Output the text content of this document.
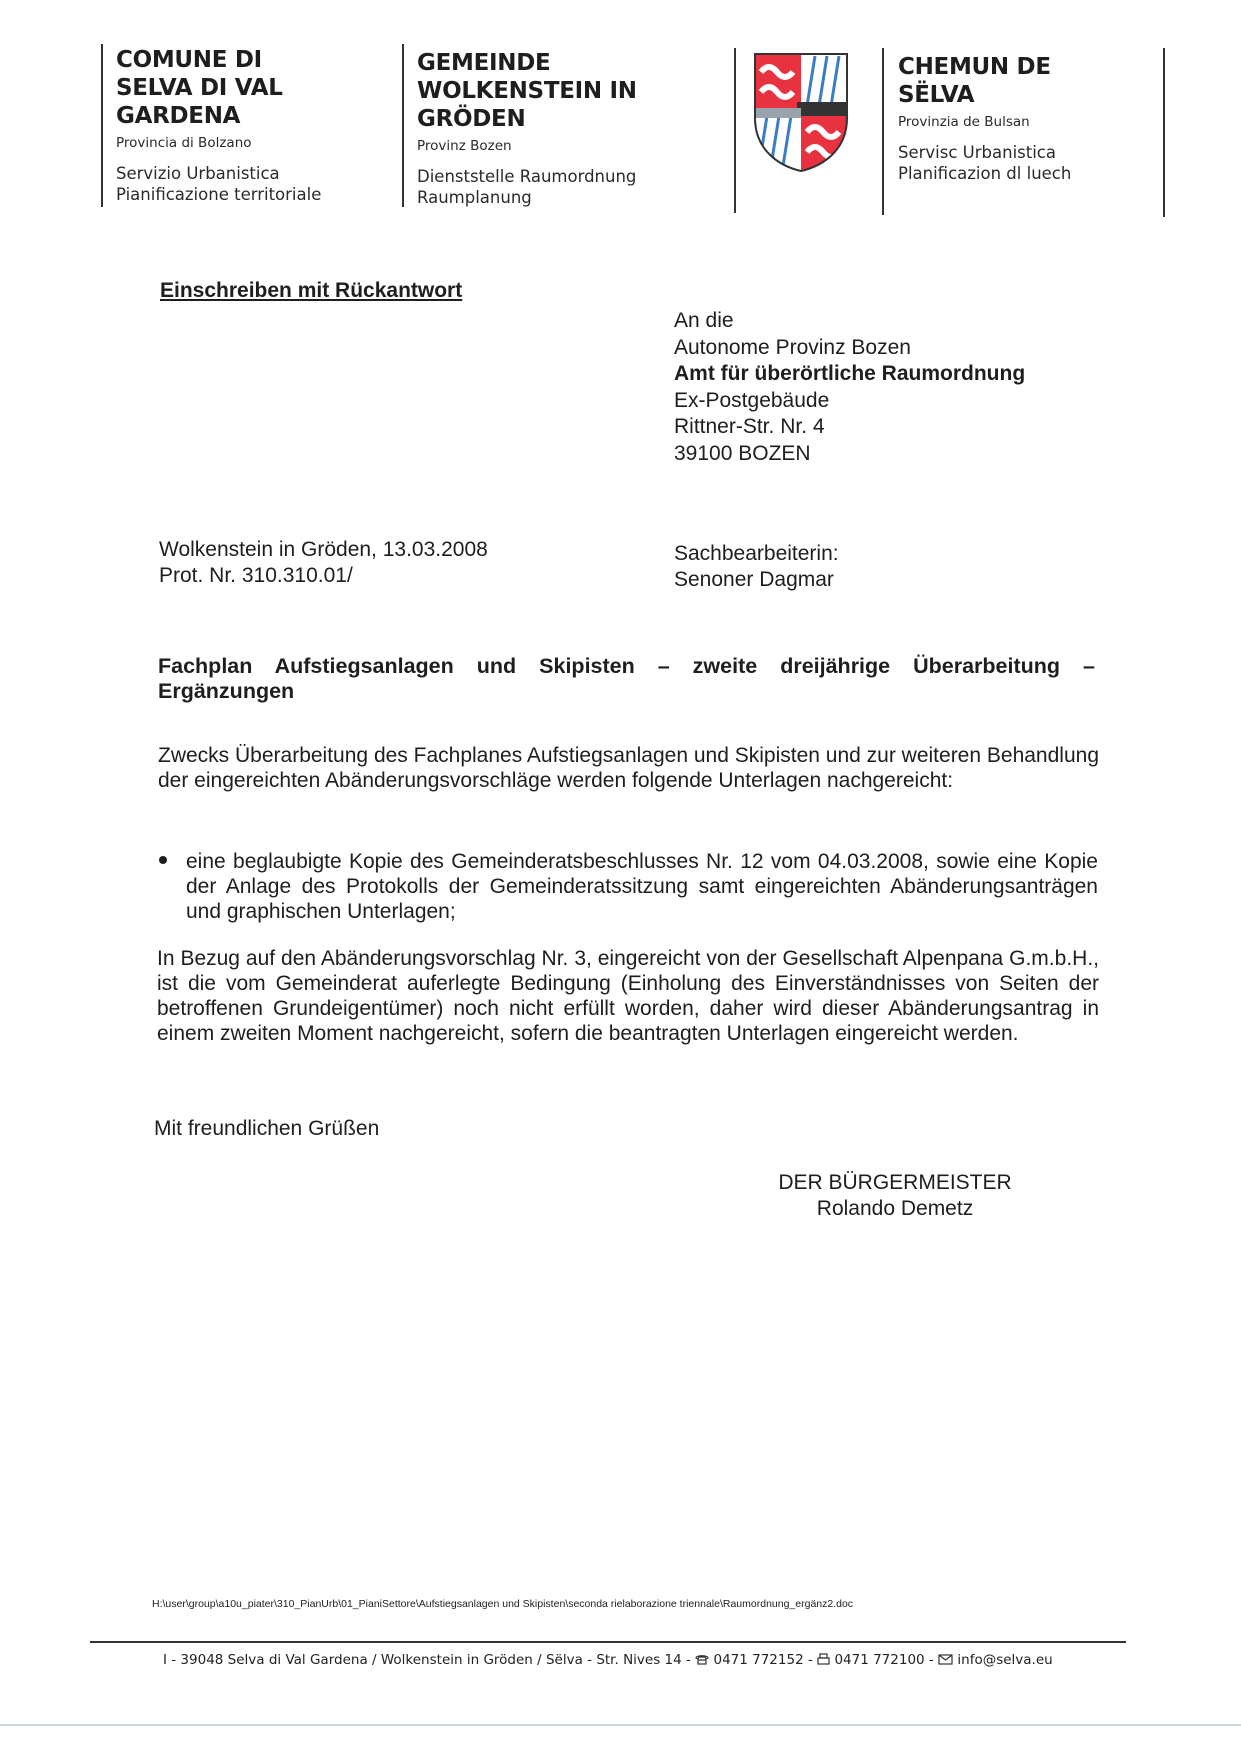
COMUNE DI
SELVA DI VAL GARDENA
Provincia di Bolzano
Servizio Urbanistica
Pianificazione territoriale
GEMEINDE
WOLKENSTEIN IN GRÖDEN
Provinz Bozen
Dienststelle Raumordnung
Raumplanung
CHEMUN DE
SËLVA
Provinzia de Bulsan
Servisc Urbanistica
Planificazion dl luech
Einschreiben mit Rückantwort
An die
Autonome Provinz Bozen
Amt für überörtliche Raumordnung
Ex-Postgebäude
Rittner-Str. Nr. 4
39100 BOZEN
Wolkenstein in Gröden, 13.03.2008
Prot. Nr. 310.310.01/
Sachbearbeiterin:
Senoner Dagmar
Fachplan Aufstiegsanlagen und Skipisten – zweite dreijährige Überarbeitung – Ergänzungen
Zwecks Überarbeitung des Fachplanes Aufstiegsanlagen und Skipisten und zur weiteren Behandlung der eingereichten Abänderungsvorschläge werden folgende Unterlagen nachgereicht:
eine beglaubigte Kopie des Gemeinderatsbeschlusses Nr. 12 vom 04.03.2008, sowie eine Kopie der Anlage des Protokolls der Gemeinderatssitzung samt eingereichten Abänderungsanträgen und graphischen Unterlagen;
In Bezug auf den Abänderungsvorschlag Nr. 3, eingereicht von der Gesellschaft Alpenpana G.m.b.H., ist die vom Gemeinderat auferlegte Bedingung (Einholung des Einverständnisses von Seiten der betroffenen Grundeigentümer) noch nicht erfüllt worden, daher wird dieser Abänderungsantrag in einem zweiten Moment nachgereicht, sofern die beantragten Unterlagen eingereicht werden.
Mit freundlichen Grüßen
DER BÜRGERMEISTER
Rolando Demetz
H:\user\group\a10u_piater\310_PianUrb\01_PianiSettore\Aufstiegsanlagen und Skipisten\seconda rielaborazione triennale\Raumordnung_ergänz2.doc
I - 39048 Selva di Val Gardena / Wolkenstein in Gröden / Sëlva - Str. Nives 14 - 0471 772152 - 0471 772100 - info@selva.eu
